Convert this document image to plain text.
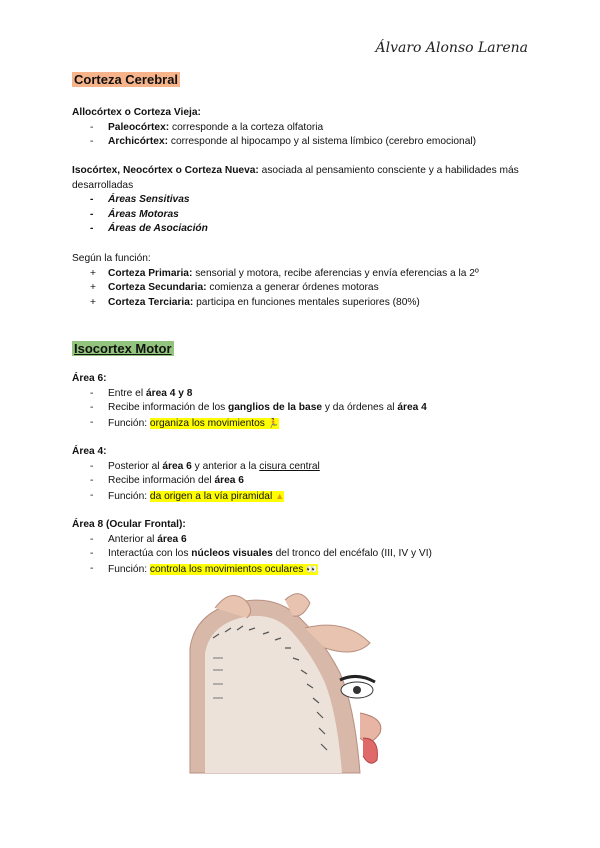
Álvaro Alonso Larena
Corteza Cerebral
Allocórtex o Corteza Vieja:
- Paleocórtex: corresponde a la corteza olfatoria
- Archicórtex: corresponde al hipocampo y al sistema límbico (cerebro emocional)
Isocórtex, Neocórtex o Corteza Nueva: asociada al pensamiento consciente y a habilidades más desarrolladas
- Áreas Sensitivas
- Áreas Motoras
- Áreas de Asociación
Según la función:
+ Corteza Primaria: sensorial y motora, recibe aferencias y envía eferencias a la 2º
+ Corteza Secundaria: comienza a generar órdenes motoras
+ Corteza Terciaria: participa en funciones mentales superiores (80%)
Isocortex Motor
Área 6:
- Entre el área 4 y 8
- Recibe información de los ganglios de la base y da órdenes al área 4
- Función: organiza los movimientos 🏃
Área 4:
- Posterior al área 6 y anterior a la cisura central
- Recibe información del área 6
- Función: da origen a la vía piramidal ▲
Área 8 (Ocular Frontal):
- Anterior al área 6
- Interactúa con los núcleos visuales del tronco del encéfalo (III, IV y VI)
- Función: controla los movimientos oculares 👀
